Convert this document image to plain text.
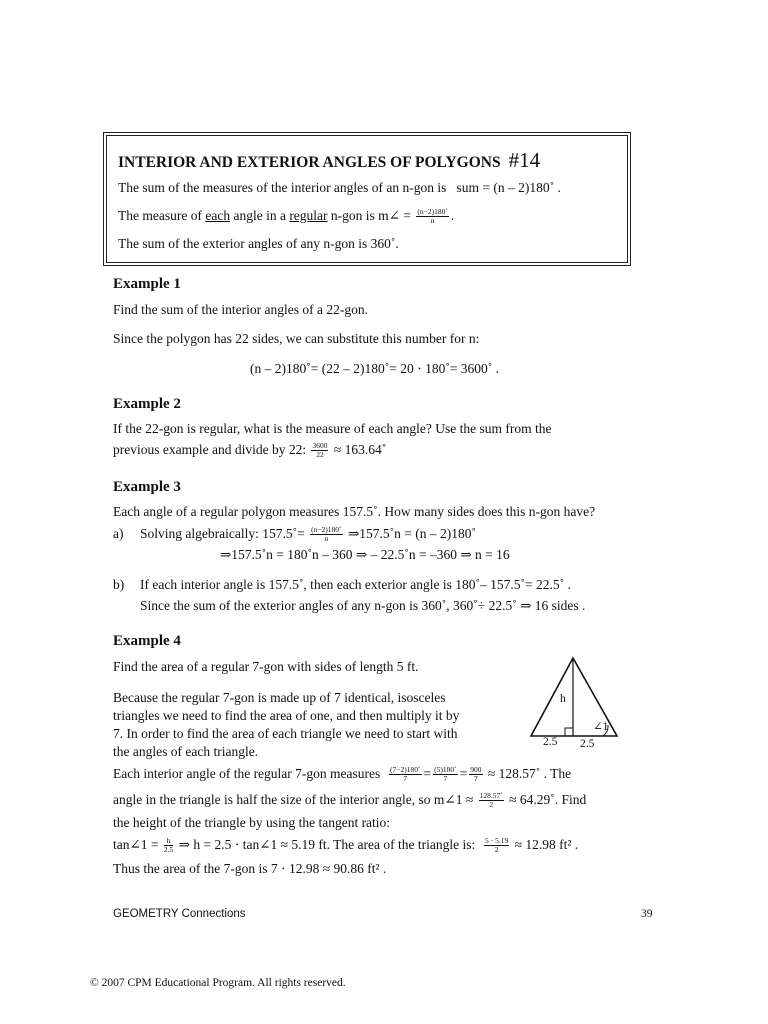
INTERIOR AND EXTERIOR ANGLES OF POLYGONS #14
The sum of the measures of the interior angles of an n-gon is sum = (n – 2)180˚ .
The measure of each angle in a regular n-gon is m∠ = $\frac{(n-2)180˚}{n}$ .
The sum of the exterior angles of any n-gon is 360˚.
Example 1
Find the sum of the interior angles of a 22-gon.
Since the polygon has 22 sides, we can substitute this number for n:
(n – 2)180˚= (22 – 2)180˚= 20 ⋅ 180˚= 3600˚ .
Example 2
If the 22-gon is regular, what is the measure of each angle? Use the sum from the
previous example and divide by 22: $\frac{3600}{22}$ ≈ 163.64˚
Example 3
Each angle of a regular polygon measures 157.5˚. How many sides does this n-gon have?
a) Solving algebraically: 157.5˚= $\frac{(n-2)180˚}{n}$ ⇒157.5˚n = (n – 2)180˚
⇒157.5˚n = 180˚n – 360 ⇒ – 22.5˚n = –360 ⇒ n = 16
b) If each interior angle is 157.5˚, then each exterior angle is 180˚– 157.5˚= 22.5˚ .
Since the sum of the exterior angles of any n-gon is 360˚, 360˚÷ 22.5˚ ⇒ 16 sides .
Example 4
Find the area of a regular 7-gon with sides of length 5 ft.
Because the regular 7-gon is made up of 7 identical, isosceles
triangles we need to find the area of one, and then multiply it by
7. In order to find the area of each triangle we need to start with
the angles of each triangle.
Each interior angle of the regular 7-gon measures $\frac{(7-2)180˚}{7} = \frac{(5)180˚}{7} = \frac{900}{7}$ ≈ 128.57˚ . The
angle in the triangle is half the size of the interior angle, so m∠1 ≈ $\frac{128.57˚}{2}$ ≈ 64.29˚. Find
the height of the triangle by using the tangent ratio:
tan∠1 = $\frac{h}{2.5}$ ⇒ h = 2.5 ⋅ tan∠1 ≈ 5.19 ft. The area of the triangle is: $\frac{5 \cdot 5.19}{2} \approx 12.98$ ft² .
Thus the area of the 7-gon is 7 ⋅ 12.98 ≈ 90.86 ft² .
h
∠1
2.5 2.5
GEOMETRY Connections	39
© 2007 CPM Educational Program. All rights reserved.
